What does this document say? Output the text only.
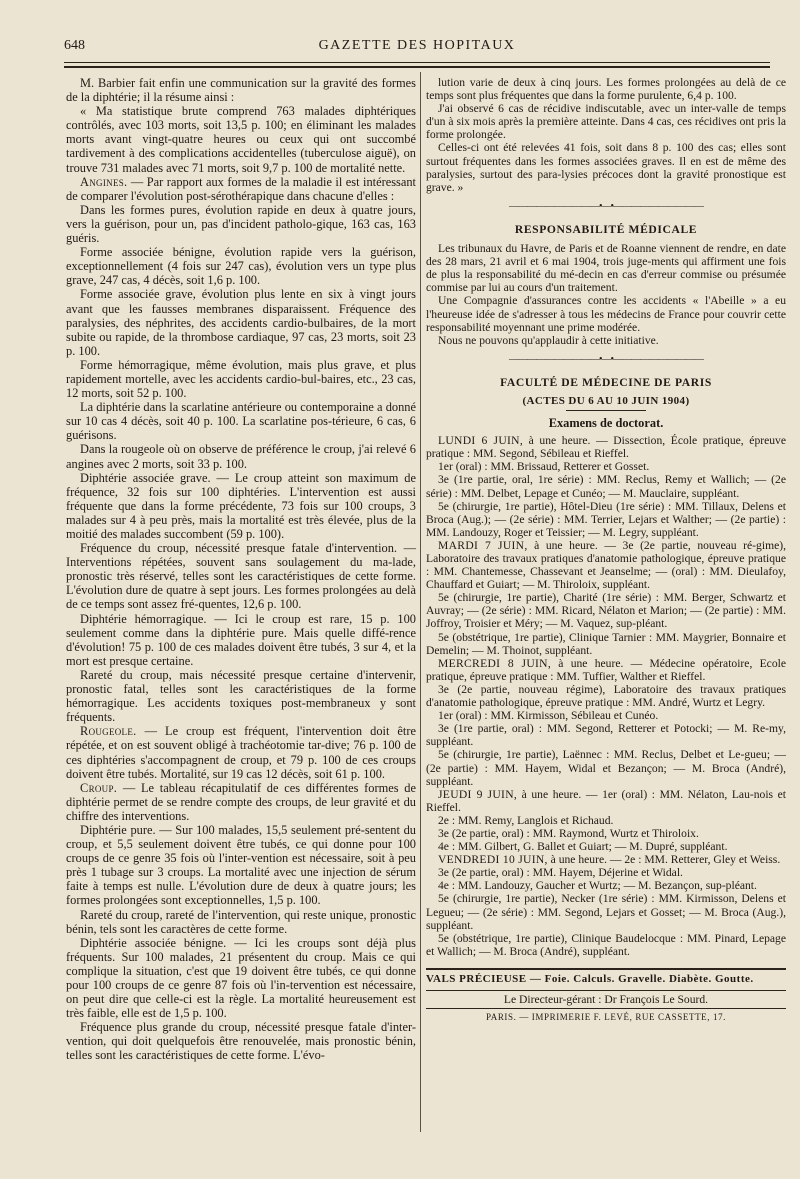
648	GAZETTE DES HOPITAUX

M. Barbier fait enfin une communication sur la gravité des formes de la diphtérie; il la résume ainsi :

« Ma statistique brute comprend 763 malades diphtériques contrôlés, avec 103 morts, soit 13,5 p. 100; en éliminant les malades morts avant vingt-quatre heures ou ceux qui ont succombé tardivement à des complications accidentelles (tuberculose aiguë), on trouve 731 malades avec 71 morts, soit 9,7 p. 100 de mortalité nette.

Angines. — Par rapport aux formes de la maladie il est intéressant de comparer l'évolution post-sérothérapique dans chacune d'elles :

Dans les formes pures, évolution rapide en deux à quatre jours, vers la guérison, pour un, pas d'incident patholo-gique, 163 cas, 163 guéris.

Forme associée bénigne, évolution rapide vers la guérison, exceptionnellement (4 fois sur 247 cas), évolution vers un type plus grave, 247 cas, 4 décès, soit 1,6 p. 100.

Forme associée grave, évolution plus lente en six à vingt jours avant que les fausses membranes disparaissent. Fréquence des paralysies, des néphrites, des accidents cardio-bulbaires, de la mort subite ou rapide, de la thrombose cardiaque, 97 cas, 23 morts, soit 23 p. 100.

Forme hémorragique, même évolution, mais plus grave, et plus rapidement mortelle, avec les accidents cardio-bul-baires, etc., 23 cas, 12 morts, soit 52 p. 100.

La diphtérie dans la scarlatine antérieure ou contemporaine a donné sur 10 cas 4 décès, soit 40 p. 100. La scarlatine pos-térieure, 6 cas, 6 guérisons.

Dans la rougeole où on observe de préférence le croup, j'ai relevé 6 angines avec 2 morts, soit 33 p. 100.

Diphtérie associée grave. — Le croup atteint son maximum de fréquence, 32 fois sur 100 diphtéries. L'intervention est aussi fréquente que dans la forme précédente, 73 fois sur 100 croups, 3 malades sur 4 à peu près, mais la mortalité est très élevée, plus de la moitié des malades succombent (59 p. 100).

Fréquence du croup, nécessité presque fatale d'intervention. — Interventions répétées, souvent sans soulagement du ma-lade, pronostic très réservé, telles sont les caractéristiques de cette forme. L'évolution dure de quatre à sept jours. Les formes prolongées au delà de ce temps sont assez fré-quentes, 12,6 p. 100.

Diphtérie hémorragique. — Ici le croup est rare, 15 p. 100 seulement comme dans la diphtérie pure. Mais quelle diffé-rence d'évolution! 75 p. 100 de ces malades doivent être tubés, 3 sur 4, et la mort est presque certaine.

Rareté du croup, mais nécessité presque certaine d'intervenir, pronostic fatal, telles sont les caractéristiques de la forme hémorragique. Les accidents toxiques post-membraneux y sont fréquents.

Rougeole. — Le croup est fréquent, l'intervention doit être répétée, et on est souvent obligé à trachéotomie tar-dive; 76 p. 100 de ces diphtéries s'accompagnent de croup, et 79 p. 100 de ces croups doivent être tubés. Mortalité, sur 19 cas 12 décès, soit 61 p. 100.

Croup. — Le tableau récapitulatif de ces différentes formes de diphtérie permet de se rendre compte des croups, de leur gravité et du chiffre des interventions.

Diphtérie pure. — Sur 100 malades, 15,5 seulement pré-sentent du croup, et 5,5 seulement doivent être tubés, ce qui donne pour 100 croups de ce genre 35 fois où l'inter-vention est nécessaire, soit à peu près 1 tubage sur 3 croups. La mortalité avec une injection de sérum faite à temps est nulle. L'évolution dure de deux à quatre jours; les formes prolongées sont exceptionnelles, 1,5 p. 100.

Rareté du croup, rareté de l'intervention, qui reste unique, pronostic bénin, tels sont les caractères de cette forme.

Diphtérie associée bénigne. — Ici les croups sont déjà plus fréquents. Sur 100 malades, 21 présentent du croup. Mais ce qui complique la situation, c'est que 19 doivent être tubés, ce qui donne pour 100 croups de ce genre 87 fois où l'in-tervention est nécessaire, on peut dire que celle-ci est la règle. La mortalité heureusement est très faible, elle est de 1,5 p. 100.

Fréquence plus grande du croup, nécessité presque fatale d'inter-vention, qui doit quelquefois être renouvelée, mais pronostic bénin, telles sont les caractéristiques de cette forme. L'évo-

lution varie de deux à cinq jours. Les formes prolongées au delà de ce temps sont plus fréquentes que dans la forme purulente, 6,4 p. 100.

J'ai observé 6 cas de récidive indiscutable, avec un inter-valle de temps d'un à six mois après la première atteinte. Dans 4 cas, ces récidives ont pris la forme prolongée.

Celles-ci ont été relevées 41 fois, soit dans 8 p. 100 des cas; elles sont surtout fréquentes dans les formes associées graves. Il en est de même des paralysies, surtout des para-lysies précoces dont la gravité pronostique est grave. »

——————————•—•——————————
RESPONSABILITÉ MÉDICALE

Les tribunaux du Havre, de Paris et de Roanne viennent de rendre, en date des 28 mars, 21 avril et 6 mai 1904, trois juge-ments qui affirment une fois de plus la responsabilité du mé-decin en cas d'erreur commise ou présumée commise par lui au cours d'un traitement.

Une Compagnie d'assurances contre les accidents « l'Abeille » a eu l'heureuse idée de s'adresser à tous les médecins de France pour couvrir cette responsabilité moyennant une prime modérée.

Nous ne pouvons qu'applaudir à cette initiative.

——————————•—•——————————
FACULTÉ DE MÉDECINE DE PARIS
(ACTES DU 6 AU 10 JUIN 1904)
Examens de doctorat.

LUNDI 6 JUIN, à une heure. — Dissection, École pratique, épreuve pratique : MM. Segond, Sébileau et Rieffel.

1er (oral) : MM. Brissaud, Retterer et Gosset.

3e (1re partie, oral, 1re série) : MM. Reclus, Remy et Wallich; — (2e série) : MM. Delbet, Lepage et Cunéo; — M. Mauclaire, suppléant.

5e (chirurgie, 1re partie), Hôtel-Dieu (1re série) : MM. Tillaux, Delens et Broca (Aug.); — (2e série) : MM. Terrier, Lejars et Walther; — (2e partie) : MM. Landouzy, Roger et Teissier; — M. Legry, suppléant.

MARDI 7 JUIN, à une heure. — 3e (2e partie, nouveau ré-gime), Laboratoire des travaux pratiques d'anatomie pathologique, épreuve pratique : MM. Chantemesse, Chassevant et Jeanselme; — (oral) : MM. Dieulafoy, Chauffard et Guiart; — M. Thiroloix, suppléant.

5e (chirurgie, 1re partie), Charité (1re série) : MM. Berger, Schwartz et Auvray; — (2e série) : MM. Ricard, Nélaton et Marion; — (2e partie) : MM. Joffroy, Troisier et Méry; — M. Vaquez, sup-pléant.

5e (obstétrique, 1re partie), Clinique Tarnier : MM. Maygrier, Bonnaire et Demelin; — M. Thoinot, suppléant.

MERCREDI 8 JUIN, à une heure. — Médecine opératoire, Ecole pratique, épreuve pratique : MM. Tuffier, Walther et Rieffel.

3e (2e partie, nouveau régime), Laboratoire des travaux pratiques d'anatomie pathologique, épreuve pratique : MM. André, Wurtz et Legry.

1er (oral) : MM. Kirmisson, Sébileau et Cunéo.

3e (1re partie, oral) : MM. Segond, Retterer et Potocki; — M. Re-my, suppléant.

5e (chirurgie, 1re partie), Laënnec : MM. Reclus, Delbet et Le-gueu; — (2e partie) : MM. Hayem, Widal et Bezançon; — M. Broca (André), suppléant.

JEUDI 9 JUIN, à une heure. — 1er (oral) : MM. Nélaton, Lau-nois et Rieffel.

2e : MM. Remy, Langlois et Richaud.

3e (2e partie, oral) : MM. Raymond, Wurtz et Thiroloix.

4e : MM. Gilbert, G. Ballet et Guiart; — M. Dupré, suppléant.

VENDREDI 10 JUIN, à une heure. — 2e : MM. Retterer, Gley et Weiss.

3e (2e partie, oral) : MM. Hayem, Déjerine et Widal.

4e : MM. Landouzy, Gaucher et Wurtz; — M. Bezançon, sup-pléant.

5e (chirurgie, 1re partie), Necker (1re série) : MM. Kirmisson, Delens et Legueu; — (2e série) : MM. Segond, Lejars et Gosset; — M. Broca (Aug.), suppléant.

5e (obstétrique, 1re partie), Clinique Baudelocque : MM. Pinard, Lepage et Wallich; — M. Broca (André), suppléant.

VALS PRÉCIEUSE — Foie. Calculs. Gravelle. Diabète. Goutte.
Le Directeur-gérant : Dr François Le Sourd.
PARIS. — IMPRIMERIE F. LEVÉ, RUE CASSETTE, 17.
